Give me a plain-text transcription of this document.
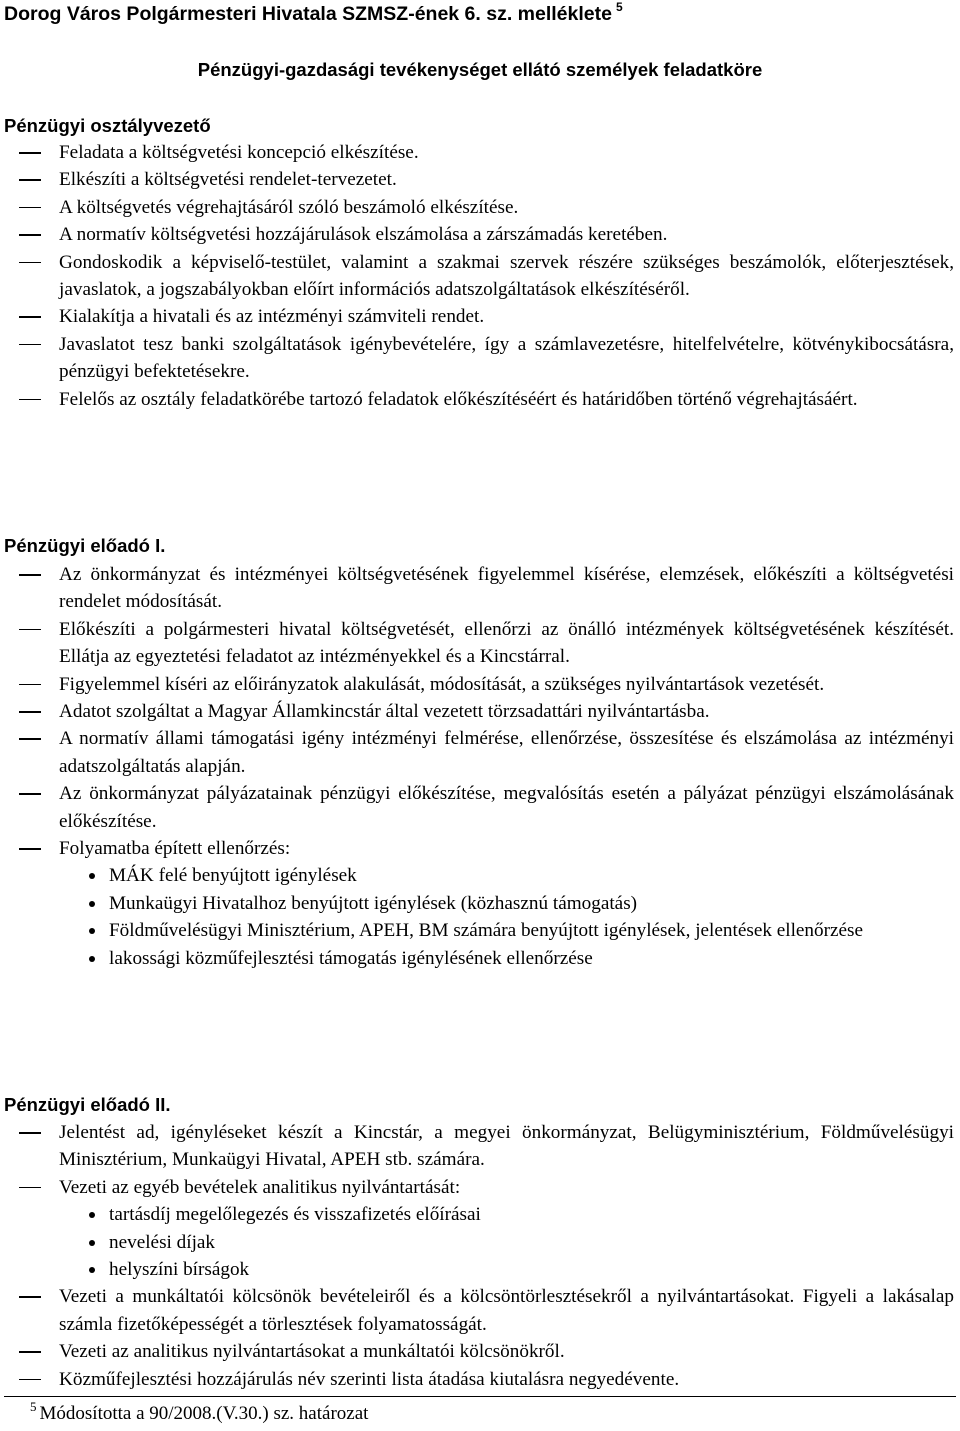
Dorog Város Polgármesteri Hivatala SZMSZ-ének 6. sz. melléklete $^5$
Pénzügyi-gazdasági tevékenységet ellátó személyek feladatköre
Pénzügyi osztályvezető
Feladata a költségvetési koncepció elkészítése.
Elkészíti a költségvetési rendelet-tervezetet.
A költségvetés végrehajtásáról szóló beszámoló elkészítése.
A normatív költségvetési hozzájárulások elszámolása a zárszámadás keretében.
Gondoskodik a képviselő-testület, valamint a szakmai szervek részére szükséges beszámolók, előterjesztések, javaslatok, a jogszabályokban előírt információs adatszolgáltatások elkészítéséről.
Kialakítja a hivatali és az intézményi számviteli rendet.
Javaslatot tesz banki szolgáltatások igénybevételére, így a számlavezetésre, hitelfelvételre, kötvénykibocsátásra, pénzügyi befektetésekre.
Felelős az osztály feladatkörébe tartozó feladatok előkészítéséért és határidőben történő végrehajtásáért.
Pénzügyi előadó I.
Az önkormányzat és intézményei költségvetésének figyelemmel kísérése, elemzések, előkészíti a költségvetési rendelet módosítását.
Előkészíti a polgármesteri hivatal költségvetését, ellenőrzi az önálló intézmények költségvetésének készítését. Ellátja az egyeztetési feladatot az intézményekkel és a Kincstárral.
Figyelemmel kíséri az előirányzatok alakulását, módosítását, a szükséges nyilvántartások vezetését.
Adatot szolgáltat a Magyar Államkincstár által vezetett törzsadattári nyilvántartásba.
A normatív állami támogatási igény intézményi felmérése, ellenőrzése, összesítése és elszámolása az intézményi adatszolgáltatás alapján.
Az önkormányzat pályázatainak pénzügyi előkészítése, megvalósítás esetén a pályázat pénzügyi elszámolásának előkészítése.
Folyamatba épített ellenőrzés:
MÁK felé benyújtott igénylések
Munkaügyi Hivatalhoz benyújtott igénylések (közhasznú támogatás)
Földművelésügyi Minisztérium, APEH, BM számára benyújtott igénylések, jelentések ellenőrzése
lakossági közműfejlesztési támogatás igénylésének ellenőrzése
Pénzügyi előadó II.
Jelentést ad, igényléseket készít a Kincstár, a megyei önkormányzat, Belügyminisztérium, Földművelésügyi Minisztérium, Munkaügyi Hivatal, APEH stb. számára.
Vezeti az egyéb bevételek analitikus nyilvántartását:
tartásdíj megelőlegezés és visszafizetés előírásai
nevelési díjak
helyszíni bírságok
Vezeti a munkáltatói kölcsönök bevételeiről és a kölcsöntörlesztésekről a nyilvántartásokat. Figyeli a lakásalap számla fizetőképességét a törlesztések folyamatosságát.
Vezeti az analitikus nyilvántartásokat a munkáltatói kölcsönökről.
Közműfejlesztési hozzájárulás név szerinti lista átadása kiutalásra negyedévente.
$^5$ Módosította a 90/2008.(V.30.) sz. határozat
